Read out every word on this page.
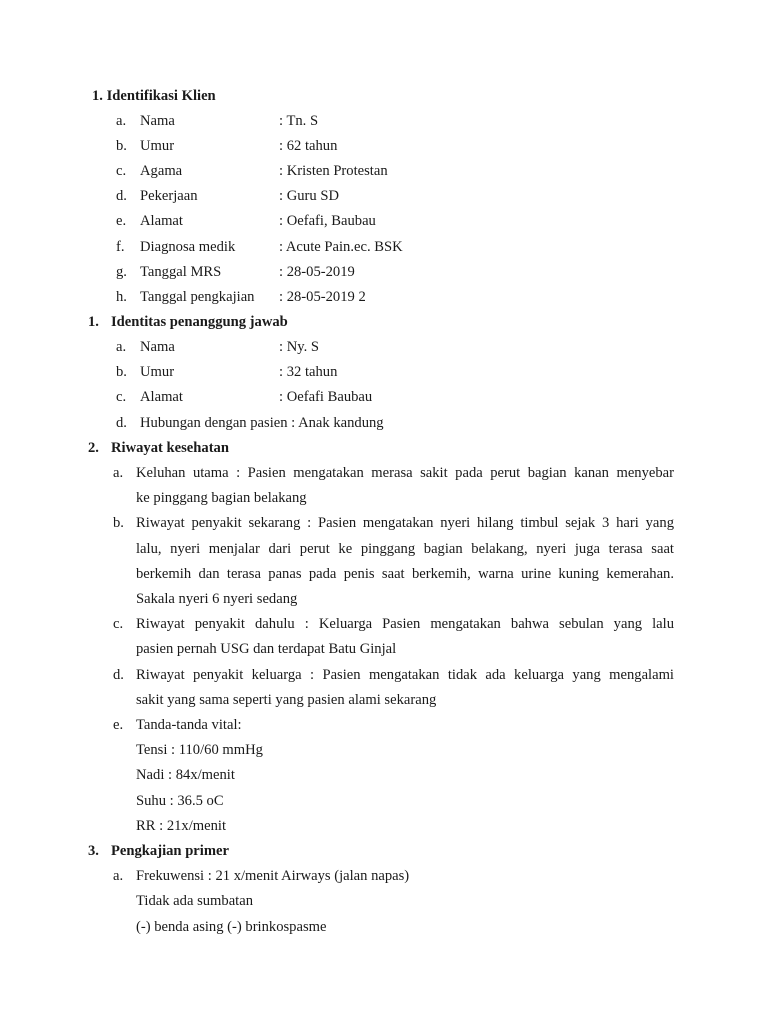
1. Identifikasi Klien
a. Nama	: Tn. S
b. Umur	: 62 tahun
c. Agama	: Kristen Protestan
d. Pekerjaan	: Guru SD
e. Alamat	: Oefafi, Baubau
f. Diagnosa medik	: Acute Pain.ec. BSK
g. Tanggal MRS	: 28-05-2019
h. Tanggal pengkajian : 28-05-2019 2
1. Identitas penanggung jawab
a. Nama	: Ny. S
b. Umur	: 32 tahun
c. Alamat	: Oefafi Baubau
d. Hubungan dengan pasien : Anak kandung
2. Riwayat kesehatan
a. Keluhan utama : Pasien mengatakan merasa sakit pada perut bagian kanan menyebar
ke pinggang bagian belakang
b. Riwayat penyakit sekarang : Pasien mengatakan nyeri hilang timbul sejak 3 hari yang
lalu, nyeri menjalar dari perut ke pinggang bagian belakang, nyeri juga terasa saat
berkemih dan terasa panas pada penis saat berkemih, warna urine kuning kemerahan.
Sakala nyeri 6 nyeri sedang
c. Riwayat penyakit dahulu : Keluarga Pasien mengatakan bahwa sebulan yang lalu
pasien pernah USG dan terdapat Batu Ginjal
d. Riwayat penyakit keluarga : Pasien mengatakan tidak ada keluarga yang mengalami
sakit yang sama seperti yang pasien alami sekarang
e. Tanda-tanda vital:
Tensi : 110/60 mmHg
Nadi : 84x/menit
Suhu : 36.5 oC
RR : 21x/menit
3. Pengkajian primer
a. Frekuwensi : 21 x/menit Airways (jalan napas)
Tidak ada sumbatan
(-) benda asing (-) brinkospasme
